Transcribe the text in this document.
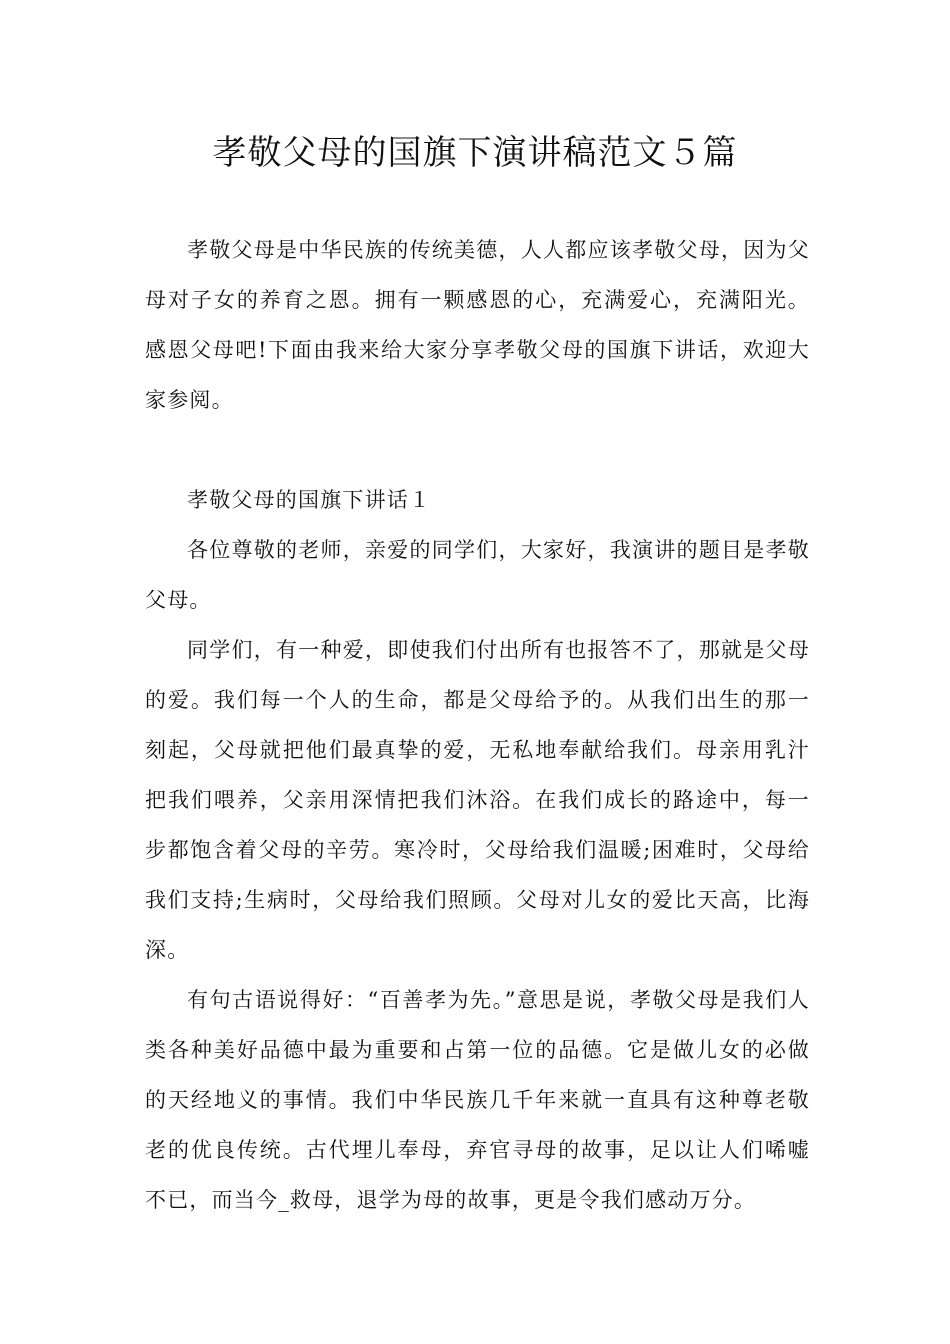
孝敬父母的国旗下演讲稿范文５篇

孝敬父母是中华民族的传统美德，人人都应该孝敬父母，因为父母对子女的养育之恩。拥有一颗感恩的心，充满爱心，充满阳光。感恩父母吧!下面由我来给大家分享孝敬父母的国旗下讲话，欢迎大家参阅。

孝敬父母的国旗下讲话１

各位尊敬的老师，亲爱的同学们，大家好，我演讲的题目是孝敬父母。

同学们，有一种爱，即使我们付出所有也报答不了，那就是父母的爱。我们每一个人的生命，都是父母给予的。从我们出生的那一刻起，父母就把他们最真挚的爱，无私地奉献给我们。母亲用乳汁把我们喂养，父亲用深情把我们沐浴。在我们成长的路途中，每一步都饱含着父母的辛劳。寒冷时，父母给我们温暖;困难时，父母给我们支持;生病时，父母给我们照顾。父母对儿女的爱比天高，比海深。

有句古语说得好：“百善孝为先。”意思是说，孝敬父母是我们人类各种美好品德中最为重要和占第一位的品德。它是做儿女的必做的天经地义的事情。我们中华民族几千年来就一直具有这种尊老敬老的优良传统。古代埋儿奉母，弃官寻母的故事，足以让人们唏嘘不已，而当今_救母，退学为母的故事，更是令我们感动万分。
